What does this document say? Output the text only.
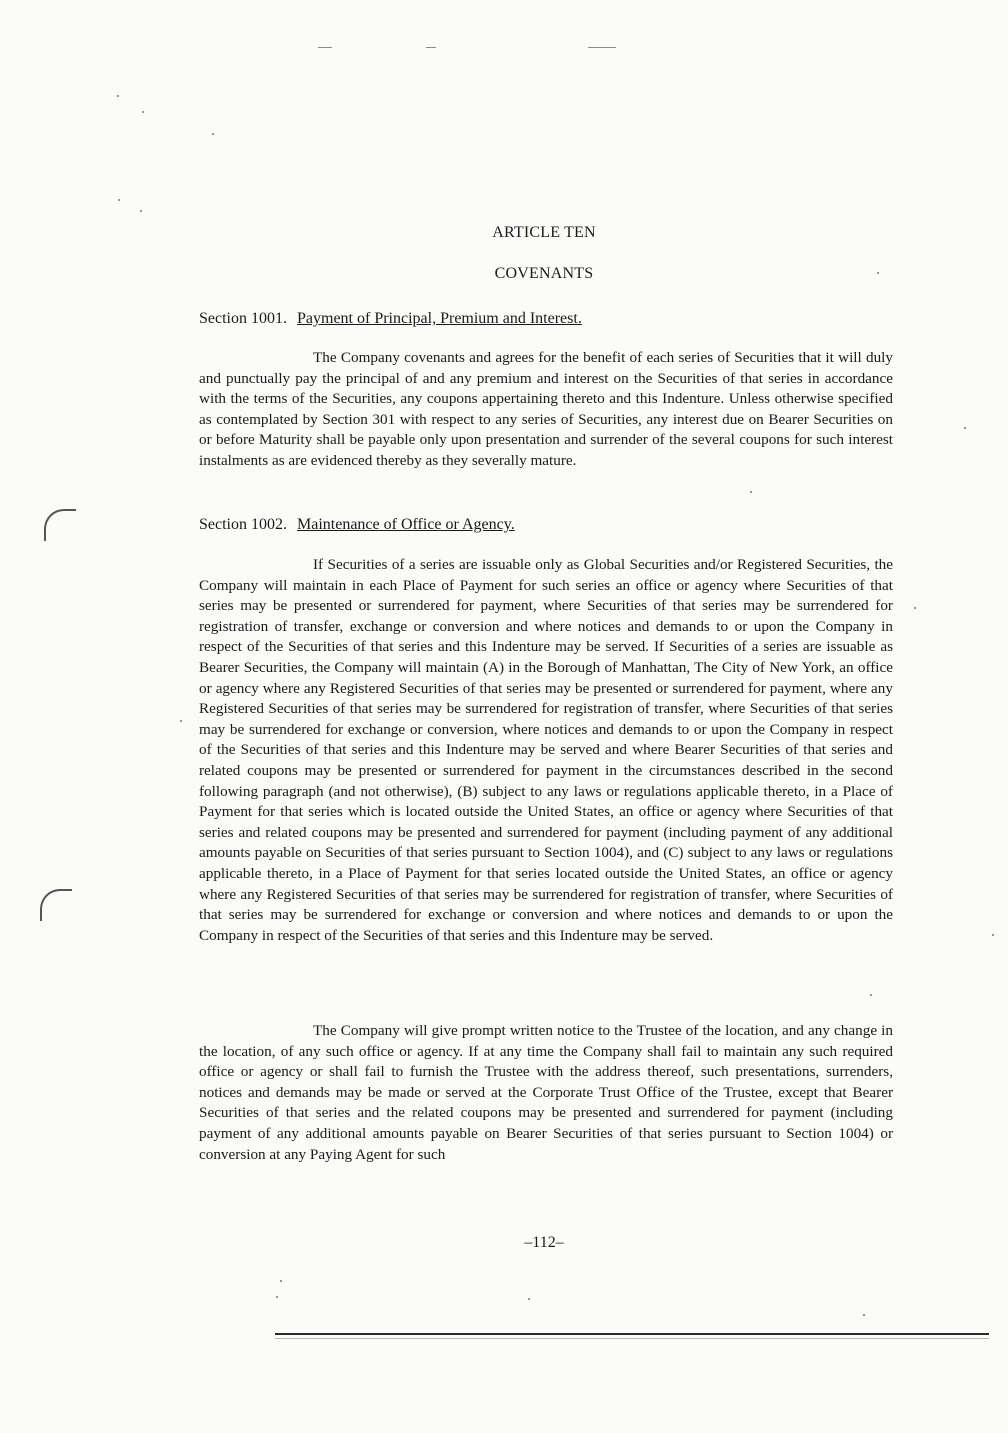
ARTICLE TEN
COVENANTS
Section 1001. Payment of Principal, Premium and Interest.

The Company covenants and agrees for the benefit of each series of Securities that it will duly and punctually pay the principal of and any premium and interest on the Securities of that series in accordance with the terms of the Securities, any coupons appertaining thereto and this Indenture. Unless otherwise specified as contemplated by Section 301 with respect to any series of Securities, any interest due on Bearer Securities on or before Maturity shall be payable only upon presentation and surrender of the several coupons for such interest instalments as are evidenced thereby as they severally mature.

Section 1002. Maintenance of Office or Agency.

If Securities of a series are issuable only as Global Securities and/or Registered Securities, the Company will maintain in each Place of Payment for such series an office or agency where Securities of that series may be presented or surrendered for payment, where Securities of that series may be surrendered for registration of transfer, exchange or conversion and where notices and demands to or upon the Company in respect of the Securities of that series and this Indenture may be served. If Securities of a series are issuable as Bearer Securities, the Company will maintain (A) in the Borough of Manhattan, The City of New York, an office or agency where any Registered Securities of that series may be presented or surrendered for payment, where any Registered Securities of that series may be surrendered for registration of transfer, where Securities of that series may be surrendered for exchange or conversion, where notices and demands to or upon the Company in respect of the Securities of that series and this Indenture may be served and where Bearer Securities of that series and related coupons may be presented or surrendered for payment in the circumstances described in the second following paragraph (and not otherwise), (B) subject to any laws or regulations applicable thereto, in a Place of Payment for that series which is located outside the United States, an office or agency where Securities of that series and related coupons may be presented and surrendered for payment (including payment of any additional amounts payable on Securities of that series pursuant to Section 1004), and (C) subject to any laws or regulations applicable thereto, in a Place of Payment for that series located outside the United States, an office or agency where any Registered Securities of that series may be surrendered for registration of transfer, where Securities of that series may be surrendered for exchange or conversion and where notices and demands to or upon the Company in respect of the Securities of that series and this Indenture may be served.

The Company will give prompt written notice to the Trustee of the location, and any change in the location, of any such office or agency. If at any time the Company shall fail to maintain any such required office or agency or shall fail to furnish the Trustee with the address thereof, such presentations, surrenders, notices and demands may be made or served at the Corporate Trust Office of the Trustee, except that Bearer Securities of that series and the related coupons may be presented and surrendered for payment (including payment of any additional amounts payable on Bearer Securities of that series pursuant to Section 1004) or conversion at any Paying Agent for such

–112–
